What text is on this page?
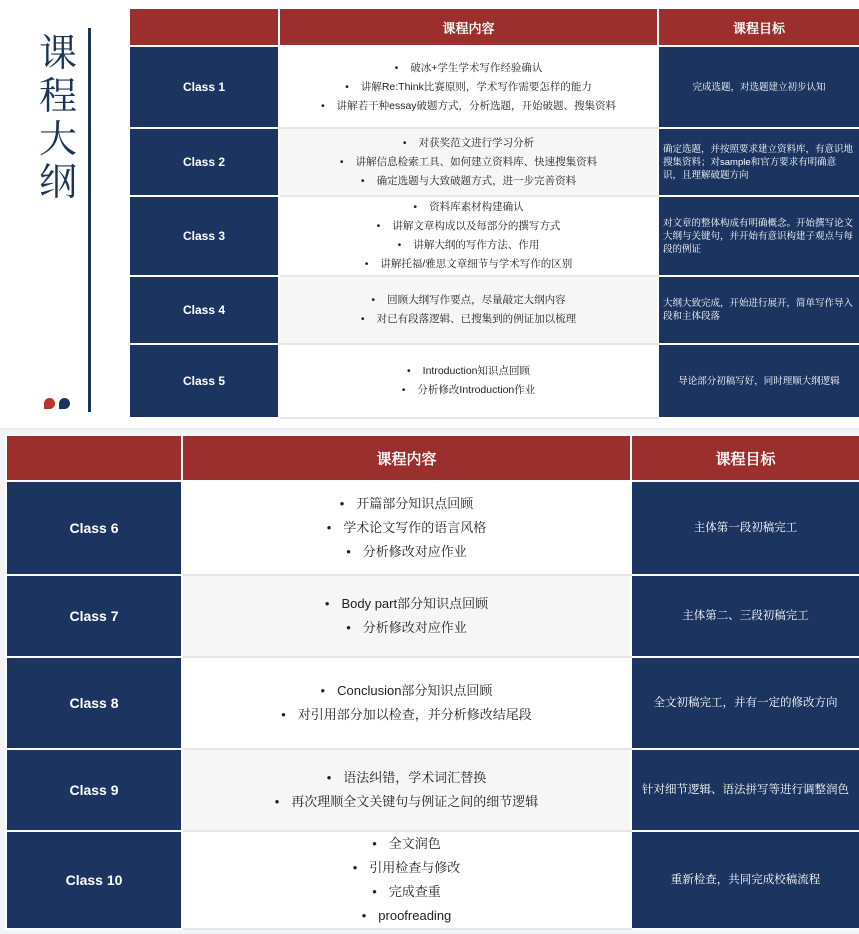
课程大纲
	课程内容	课程目标
Class 1	• 破冰+学生学术写作经验确认
• 讲解Re:Think比赛原则，学术写作需要怎样的能力
• 讲解若干种essay破题方式，分析选题，开始破题、搜集资料	完成选题，对选题建立初步认知
Class 2	• 对获奖范文进行学习分析
• 讲解信息检索工具、如何建立资料库、快速搜集资料
• 确定选题与大致破题方式，进一步完善资料	确定选题，并按照要求建立资料库，有意识地搜集资料；对sample和官方要求有明确意识，且理解破题方向
Class 3	• 资料库素材构建确认
• 讲解文章构成以及每部分的撰写方式
• 讲解大纲的写作方法、作用
• 讲解托福/雅思文章细节与学术写作的区别	对文章的整体构成有明确概念。开始撰写论文大纲与关键句，并开始有意识构建子观点与每段的例证
Class 4	• 回顾大纲写作要点，尽量敲定大纲内容
• 对已有段落逻辑、已搜集到的例证加以梳理	大纲大致完成，开始进行展开，简单写作导入段和主体段落
Class 5	• Introduction知识点回顾
• 分析修改Introduction作业	导论部分初稿写好，同时理顺大纲逻辑
	课程内容	课程目标
Class 6	• 开篇部分知识点回顾
• 学术论文写作的语言风格
• 分析修改对应作业	主体第一段初稿完工
Class 7	• Body part部分知识点回顾
• 分析修改对应作业	主体第二、三段初稿完工
Class 8	• Conclusion部分知识点回顾
• 对引用部分加以检查，并分析修改结尾段	全文初稿完工，并有一定的修改方向
Class 9	• 语法纠错，学术词汇替换
• 再次理顺全文关键句与例证之间的细节逻辑	针对细节逻辑、语法拼写等进行调整润色
Class 10	• 全文润色
• 引用检查与修改
• 完成查重
• proofreading	重新检查，共同完成校稿流程
